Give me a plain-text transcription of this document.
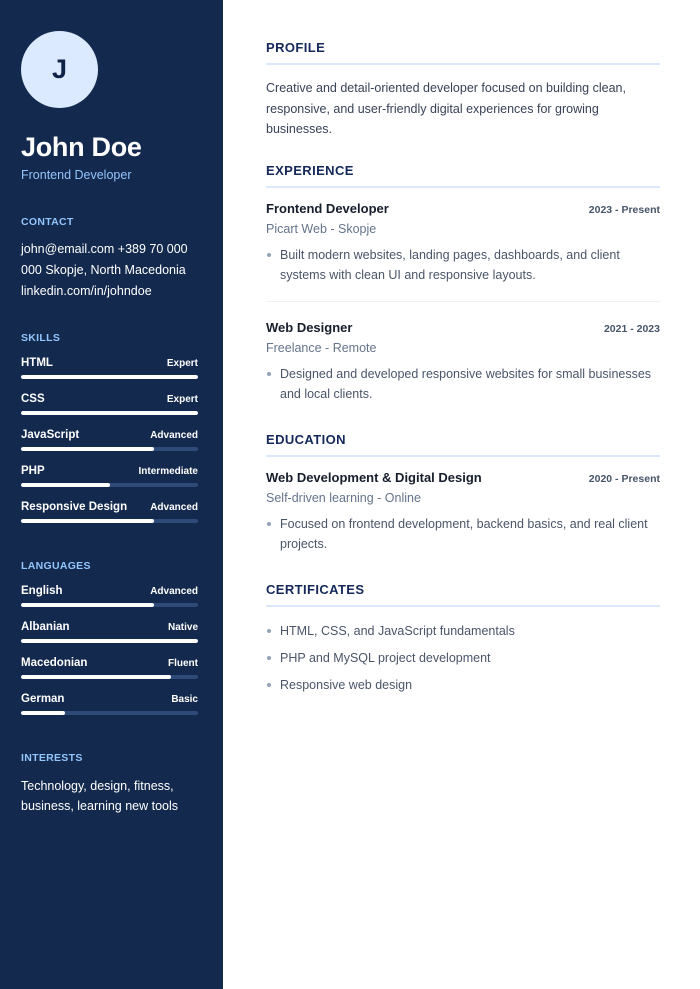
J
John Doe
Frontend Developer
CONTACT
john@email.com +389 70 000 000 Skopje, North Macedonia
linkedin.com/in/johndoe
SKILLS
HTML	Expert
CSS	Expert
JavaScript	Advanced
PHP	Intermediate
Responsive Design Advanced
LANGUAGES
English	Advanced
Albanian	Native
Macedonian	Fluent
German	Basic
INTERESTS
Technology, design, fitness, business, learning new tools
PROFILE

Creative and detail-oriented developer focused on building clean, responsive, and user-friendly digital experiences for growing businesses.

EXPERIENCE
Frontend Developer	2023 - Present
Picart Web - Skopje
Built modern websites, landing pages, dashboards, and client systems with clean UI and responsive layouts.
Web Designer	2021 - 2023
Freelance - Remote
Designed and developed responsive websites for small businesses and local clients.
EDUCATION
Web Development & Digital Design	2020 - Present
Self-driven learning - Online
Focused on frontend development, backend basics, and real client projects.
CERTIFICATES
HTML, CSS, and JavaScript fundamentals
PHP and MySQL project development
Responsive web design
